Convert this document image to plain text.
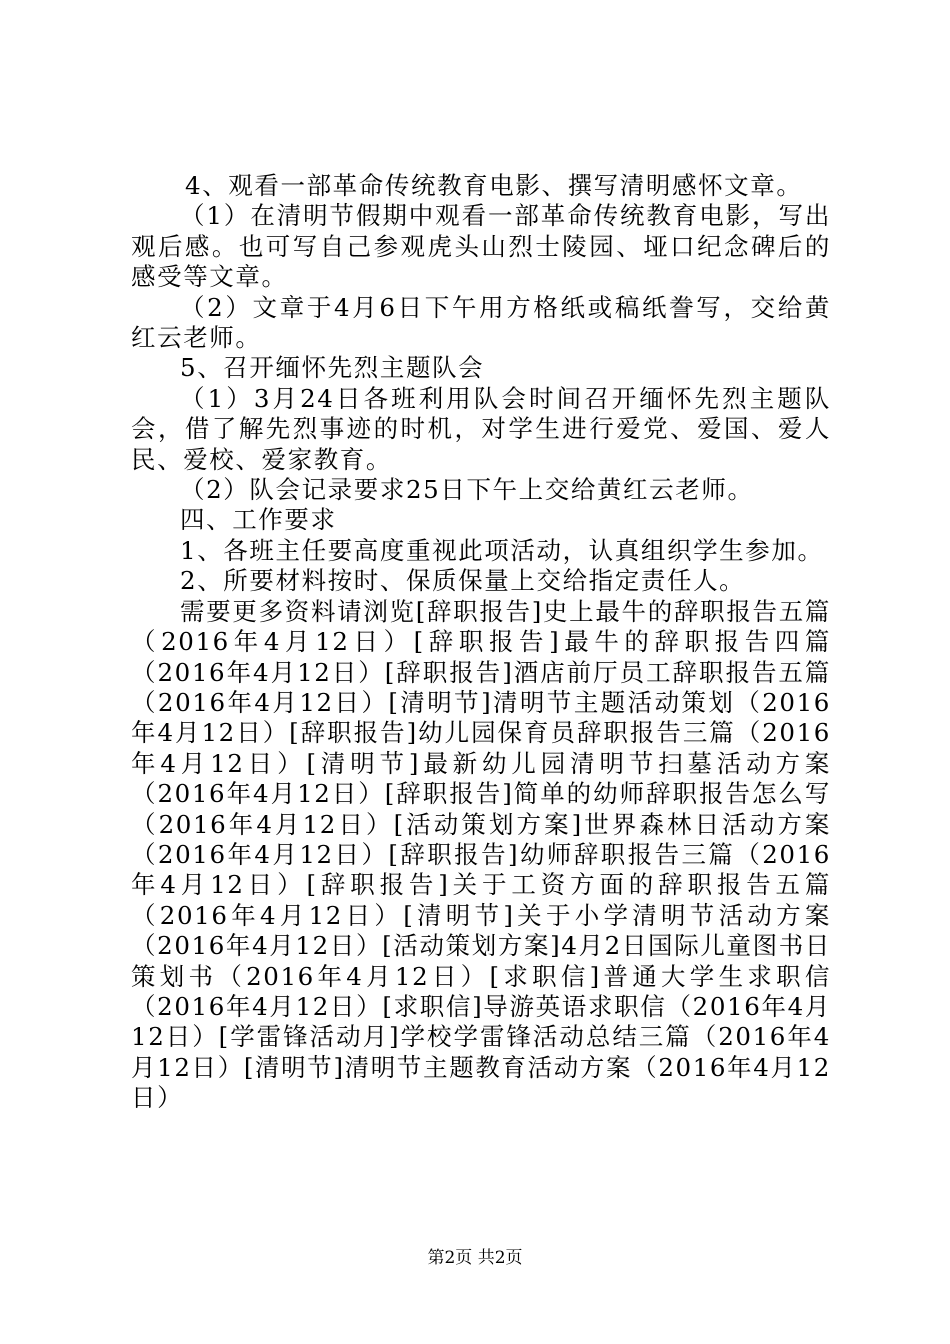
4、观看一部革命传统教育电影、撰写清明感怀文章。

（1）在清明节假期中观看一部革命传统教育电影，写出观后感。也可写自己参观虎头山烈士陵园、垭口纪念碑后的感受等文章。

（2）文章于4月6日下午用方格纸或稿纸誊写，交给黄红云老师。

5、召开缅怀先烈主题队会

（1）3月24日各班利用队会时间召开缅怀先烈主题队会，借了解先烈事迹的时机，对学生进行爱党、爱国、爱人民、爱校、爱家教育。

（2）队会记录要求25日下午上交给黄红云老师。

四、工作要求

1、各班主任要高度重视此项活动，认真组织学生参加。

2、所要材料按时、保质保量上交给指定责任人。

需要更多资料请浏览[辞职报告]史上最牛的辞职报告五篇（2016年4月12日）[辞职报告]最牛的辞职报告四篇（2016年4月12日）[辞职报告]酒店前厅员工辞职报告五篇（2016年4月12日）[清明节]清明节主题活动策划（2016年4月12日）[辞职报告]幼儿园保育员辞职报告三篇（2016年4月12日）[清明节]最新幼儿园清明节扫墓活动方案（2016年4月12日）[辞职报告]简单的幼师辞职报告怎么写（2016年4月12日）[活动策划方案]世界森林日活动方案（2016年4月12日）[辞职报告]幼师辞职报告三篇（2016年4月12日）[辞职报告]关于工资方面的辞职报告五篇（2016年4月12日）[清明节]关于小学清明节活动方案（2016年4月12日）[活动策划方案]4月2日国际儿童图书日策划书（2016年4月12日）[求职信]普通大学生求职信（2016年4月12日）[求职信]导游英语求职信（2016年4月12日）[学雷锋活动月]学校学雷锋活动总结三篇（2016年4月12日）[清明节]清明节主题教育活动方案（2016年4月12日）

第2页 共2页
